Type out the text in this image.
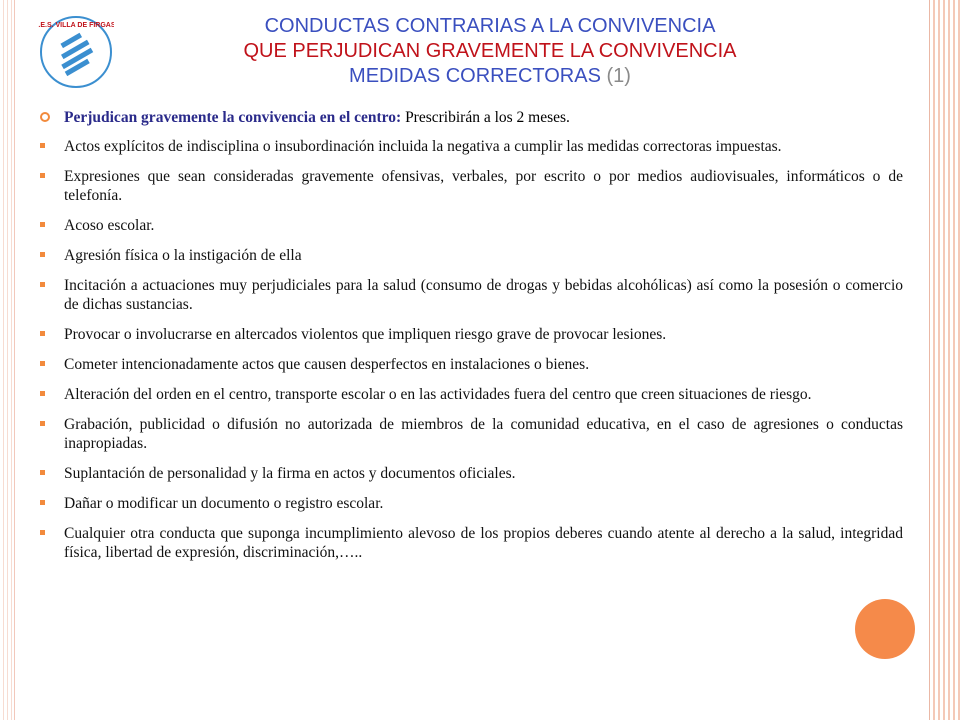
I.E.S. VILLA DE FIRGAS	CONDUCTAS CONTRARIAS A LA CONVIVENCIA
QUE PERJUDICAN GRAVEMENTE LA CONVIVENCIA
MEDIDAS CORRECTORAS (1)
Perjudican gravemente la convivencia en el centro: Prescribirán a los 2 meses.
Actos explícitos de indisciplina o insubordinación incluida la negativa a cumplir las medidas correctoras impuestas.
Expresiones que sean consideradas gravemente ofensivas, verbales, por escrito o por medios audiovisuales, informáticos o de telefonía.
Acoso escolar.
Agresión física o la instigación de ella
Incitación a actuaciones muy perjudiciales para la salud (consumo de drogas y bebidas alcohólicas) así como la posesión o comercio de dichas sustancias.
Provocar o involucrarse en altercados violentos que impliquen riesgo grave de provocar lesiones.
Cometer intencionadamente actos que causen desperfectos en instalaciones o bienes.
Alteración del orden en el centro, transporte escolar o en las actividades fuera del centro que creen situaciones de riesgo.
Grabación, publicidad o difusión no autorizada de miembros de la comunidad educativa, en el caso de agresiones o conductas inapropiadas.
Suplantación de personalidad y la firma en actos y documentos oficiales.
Dañar o modificar un documento o registro escolar.
Cualquier otra conducta que suponga incumplimiento alevoso de los propios deberes cuando atente al derecho a la salud, integridad física, libertad de expresión, discriminación,…..
